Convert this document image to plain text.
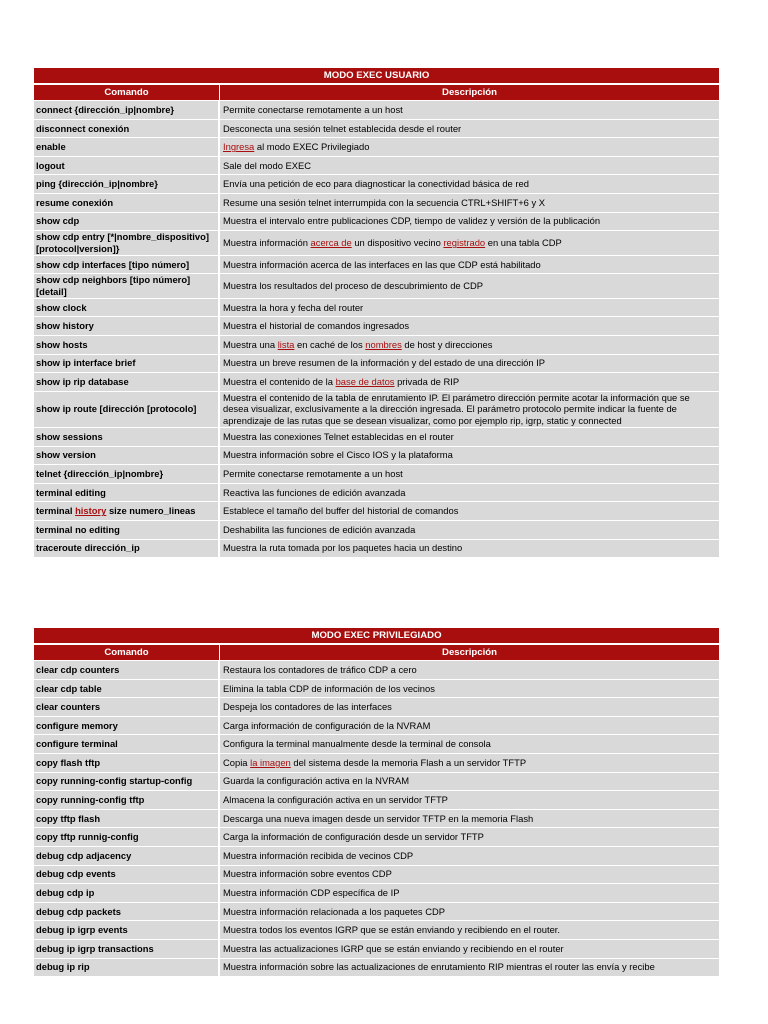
MODO EXEC USUARIO	
Comando	Descripción
connect {dirección_ip|nombre}	Permite conectarse remotamente a un host
disconnect conexión	Desconecta una sesión telnet establecida desde el router
enable	Ingresa al modo EXEC Privilegiado
logout	Sale del modo EXEC
ping {dirección_ip|nombre}	Envía una petición de eco para diagnosticar la conectividad básica de red
resume conexión	Resume una sesión telnet interrumpida con la secuencia CTRL+SHIFT+6 y X
show cdp	Muestra el intervalo entre publicaciones CDP, tiempo de validez y versión de la publicación
show cdp entry [*|nombre_dispositivo] [protocol|version]}	Muestra información acerca de un dispositivo vecino registrado en una tabla CDP
show cdp interfaces [tipo número]	Muestra información acerca de las interfaces en las que CDP está habilitado
show cdp neighbors [tipo número] [detail]	Muestra los resultados del proceso de descubrimiento de CDP
show clock	Muestra la hora y fecha del router
show history	Muestra el historial de comandos ingresados
show hosts	Muestra una lista en caché de los nombres de host y direcciones
show ip interface brief	Muestra un breve resumen de la información y del estado de una dirección IP
show ip rip database	Muestra el contenido de la base de datos privada de RIP
show ip route [dirección [protocolo]	Muestra el contenido de la tabla de enrutamiento IP. El parámetro dirección permite acotar la información que se desea visualizar, exclusivamente a la dirección ingresada. El parámetro protocolo permite indicar la fuente de aprendizaje de las rutas que se desean visualizar, como por ejemplo rip, igrp, static y connected
show sessions	Muestra las conexiones Telnet establecidas en el router
show version	Muestra información sobre el Cisco IOS y la plataforma
telnet {dirección_ip|nombre}	Permite conectarse remotamente a un host
terminal editing	Reactiva las funciones de edición avanzada
terminal history size numero_lineas	Establece el tamaño del buffer del historial de comandos
terminal no editing	Deshabilita las funciones de edición avanzada
traceroute dirección_ip	Muestra la ruta tomada por los paquetes hacia un destino
MODO EXEC PRIVILEGIADO	
Comando	Descripción
clear cdp counters	Restaura los contadores de tráfico CDP a cero
clear cdp table	Elimina la tabla CDP de información de los vecinos
clear counters	Despeja los contadores de las interfaces
configure memory	Carga información de configuración de la NVRAM
configure terminal	Configura la terminal manualmente desde la terminal de consola
copy flash tftp	Copia la imagen del sistema desde la memoria Flash a un servidor TFTP
copy running-config startup-config	Guarda la configuración activa en la NVRAM
copy running-config tftp	Almacena la configuración activa en un servidor TFTP
copy tftp flash	Descarga una nueva imagen desde un servidor TFTP en la memoria Flash
copy tftp runnig-config	Carga la información de configuración desde un servidor TFTP
debug cdp adjacency	Muestra información recibida de vecinos CDP
debug cdp events	Muestra información sobre eventos CDP
debug cdp ip	Muestra información CDP específica de IP
debug cdp packets	Muestra información relacionada a los paquetes CDP
debug ip igrp events	Muestra todos los eventos IGRP que se están enviando y recibiendo en el router.
debug ip igrp transactions	Muestra las actualizaciones IGRP que se están enviando y recibiendo en el router
debug ip rip	Muestra información sobre las actualizaciones de enrutamiento RIP mientras el router las envía y recibe
